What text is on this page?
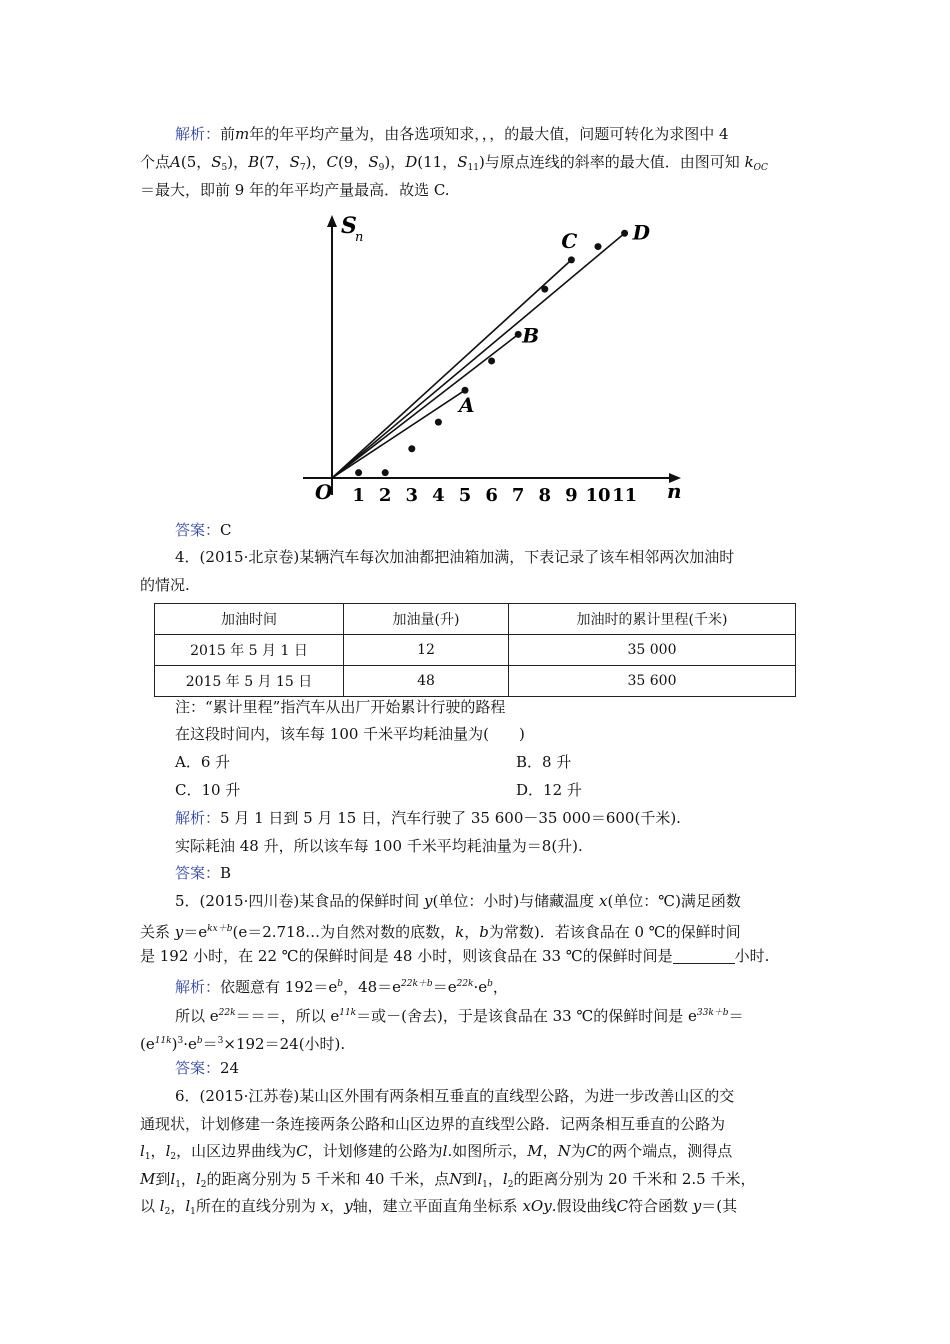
解析：前m年的年平均产量为，由各选项知求，，，的最大值，问题可转化为求图中 4
个点A(5，$S_5$)，B(7，$S_7$)，C(9，$S_9$)，D(11，$S_{11}$)与原点连线的斜率的最大值．由图可知 $k_{OC}$
＝最大，即前 9 年的年平均产量最高．故选 C.
1 2 3 4 5 6 7 8 9 10 11
A
B
C	D
S
n
n
O
答案：C
4．(2015·北京卷)某辆汽车每次加油都把油箱加满，下表记录了该车相邻两次加油时
的情况.
加油时间	加油量(升)	加油时的累计里程(千米)
2015 年 5 月 1 日	12	35 000
2015 年 5 月 15 日	48	35 600
注：“累计里程”指汽车从出厂开始累计行驶的路程
在这段时间内，该车每 100 千米平均耗油量为(　　)
A．6 升	B．8 升
C．10 升	D．12 升
解析：5 月 1 日到 5 月 15 日，汽车行驶了 35 600－35 000＝600(千米).
实际耗油 48 升，所以该车每 100 千米平均耗油量为＝8(升).
答案：B
5．(2015·四川卷)某食品的保鲜时间 y(单位：小时)与储藏温度 x(单位：℃)满足函数
关系 $y=e^{kx+b}(e=2.718\dots$为自然对数的底数，k，b为常数)．若该食品在 0 ℃的保鲜时间
是 192 小时，在 22 ℃的保鲜时间是 48 小时，则该食品在 33 ℃的保鲜时间是	小时.
解析：依题意有 $192=e^b$，$48=e^{22k+b}=e^{22k}\cdot e^b$，
所以 $e^{22k}===$，所以 $e^{11k}=$或－(舍去)，于是该食品在 33 ℃的保鲜时间是 $e^{33k+b}=$
$(e^{11k})^3\cdot e^b=^3\times 192=24$(小时).
答案：24
6．(2015·江苏卷)某山区外围有两条相互垂直的直线型公路，为进一步改善山区的交
通现状，计划修建一条连接两条公路和山区边界的直线型公路．记两条相互垂直的公路为
$l_1$，$l_2$，山区边界曲线为C，计划修建的公路为l.如图所示，M，N为C的两个端点，测得点
M到$l_1$，$l_2$的距离分别为 5 千米和 40 千米，点N到$l_1$，$l_2$的距离分别为 20 千米和 2.5 千米，
以 $l_2$，$l_1$所在的直线分别为 x，y轴，建立平面直角坐标系 xOy.假设曲线C符合函数 y＝(其
